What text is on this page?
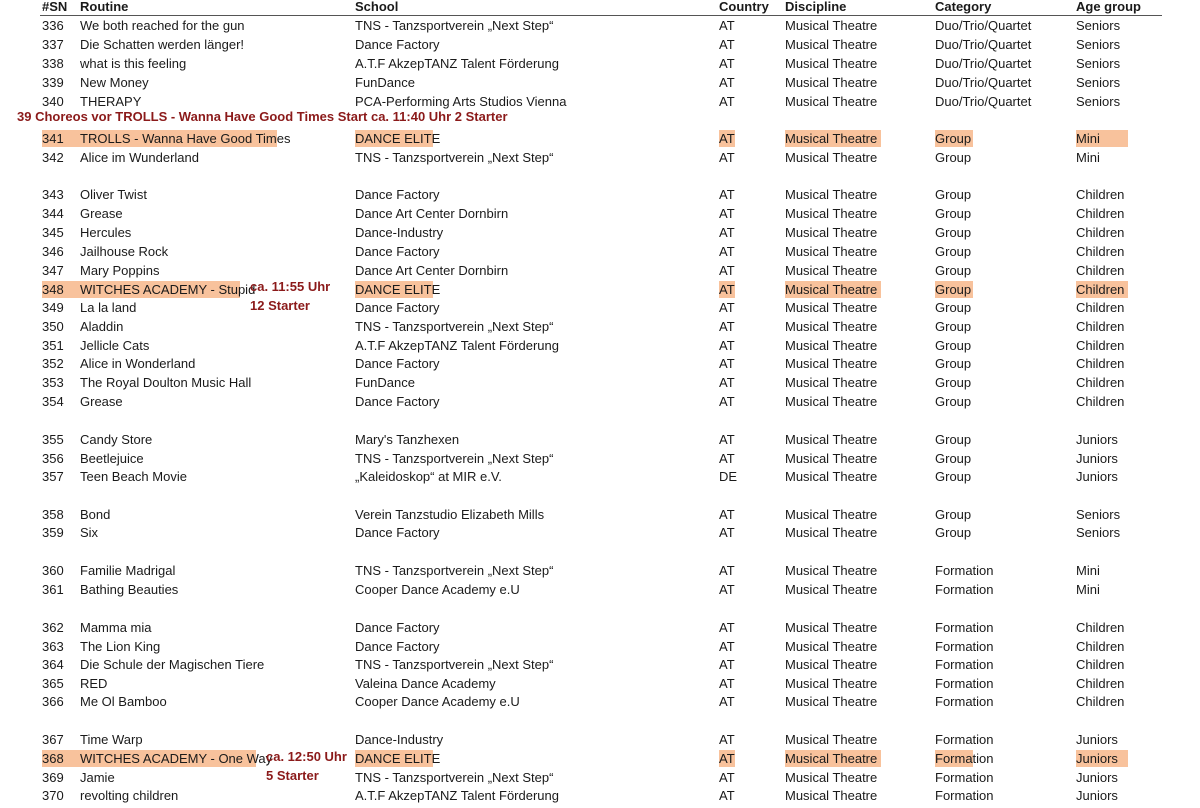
#SN Routine	School	Country Discipline	Category	Age group
336	We both reached for the gun	TNS - Tanzsportverein „Next Step“	AT	Musical Theatre	Duo/Trio/Quartet	Seniors
337	Die Schatten werden länger!	Dance Factory	AT	Musical Theatre	Duo/Trio/Quartet	Seniors
338	what is this feeling	A.T.F AkzepTANZ Talent Förderung	AT	Musical Theatre	Duo/Trio/Quartet	Seniors
339	New Money	FunDance	AT	Musical Theatre	Duo/Trio/Quartet	Seniors
340	THERAPY	PCA-Performing Arts Studios Vienna	AT	Musical Theatre	Duo/Trio/Quartet	Seniors
341	TROLLS - Wanna Have Good Times	DANCE ELITE	AT	Musical Theatre	Group	Mini
342	Alice im Wunderland	TNS - Tanzsportverein „Next Step“	AT	Musical Theatre	Group	Mini
343	Oliver Twist	Dance Factory	AT	Musical Theatre	Group	Children
344	Grease	Dance Art Center Dornbirn	AT	Musical Theatre	Group	Children
345	Hercules	Dance-Industry	AT	Musical Theatre	Group	Children
346	Jailhouse Rock	Dance Factory	AT	Musical Theatre	Group	Children
347	Mary Poppins	Dance Art Center Dornbirn	AT	Musical Theatre	Group	Children
348	WITCHES ACADEMY - Stupid	DANCE ELITE	AT	Musical Theatre	Group	Children
349	La la land	Dance Factory	AT	Musical Theatre	Group	Children
350	Aladdin	TNS - Tanzsportverein „Next Step“	AT	Musical Theatre	Group	Children
351	Jellicle Cats	A.T.F AkzepTANZ Talent Förderung	AT	Musical Theatre	Group	Children
352	Alice in Wonderland	Dance Factory	AT	Musical Theatre	Group	Children
353	The Royal Doulton Music Hall	FunDance	AT	Musical Theatre	Group	Children
354	Grease	Dance Factory	AT	Musical Theatre	Group	Children
355	Candy Store	Mary's Tanzhexen	AT	Musical Theatre	Group	Juniors
356	Beetlejuice	TNS - Tanzsportverein „Next Step“	AT	Musical Theatre	Group	Juniors
357	Teen Beach Movie	„Kaleidoskop“ at MIR e.V.	DE	Musical Theatre	Group	Juniors
358	Bond	Verein Tanzstudio Elizabeth Mills	AT	Musical Theatre	Group	Seniors
359	Six	Dance Factory	AT	Musical Theatre	Group	Seniors
360	Familie Madrigal	TNS - Tanzsportverein „Next Step“	AT	Musical Theatre	Formation	Mini
361	Bathing Beauties	Cooper Dance Academy e.U	AT	Musical Theatre	Formation	Mini
362	Mamma mia	Dance Factory	AT	Musical Theatre	Formation	Children
363	The Lion King	Dance Factory	AT	Musical Theatre	Formation	Children
364	Die Schule der Magischen Tiere	TNS - Tanzsportverein „Next Step“	AT	Musical Theatre	Formation	Children
365	RED	Valeina Dance Academy	AT	Musical Theatre	Formation	Children
366	Me Ol Bamboo	Cooper Dance Academy e.U	AT	Musical Theatre	Formation	Children
367	Time Warp	Dance-Industry	AT	Musical Theatre	Formation	Juniors
368	WITCHES ACADEMY - One Way	DANCE ELITE	AT	Musical Theatre	Formation	Juniors
369	Jamie	TNS - Tanzsportverein „Next Step“	AT	Musical Theatre	Formation	Juniors
370	revolting children	A.T.F AkzepTANZ Talent Förderung	AT	Musical Theatre	Formation	Juniors
39 Choreos vor TROLLS - Wanna Have Good Times Start ca. 11:40 Uhr 2 Starter
ca. 11:55 Uhr
12 Starter
ca. 12:50 Uhr
5 Starter
